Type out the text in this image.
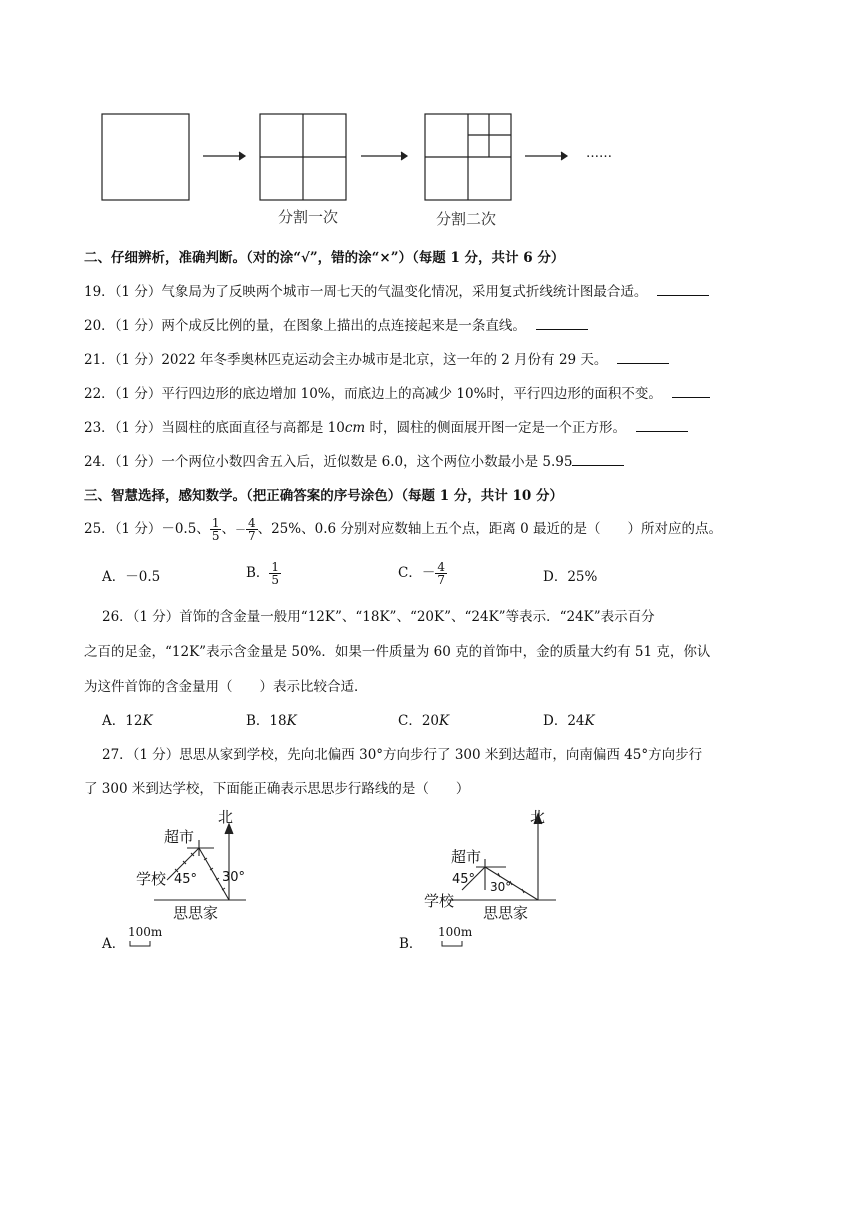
……
分割一次	分割二次
二、仔细辨析，准确判断。（对的涂“√”，错的涂“×”）（每题 1 分，共计 6 分）
19．（1 分）气象局为了反映两个城市一周七天的气温变化情况，采用复式折线统计图最合适。
20．（1 分）两个成反比例的量，在图象上描出的点连接起来是一条直线。
21．（1 分）2022 年冬季奥林匹克运动会主办城市是北京，这一年的 2 月份有 29 天。
22．（1 分）平行四边形的底边增加 10%，而底边上的高减少 10%时，平行四边形的面积不变。
23．（1 分）当圆柱的底面直径与高都是 10cm 时，圆柱的侧面展开图一定是一个正方形。
24．（1 分）一个两位小数四舍五入后，近似数是 6.0，这个两位小数最小是 5.95
三、智慧选择，感知数学。（把正确答案的序号涂色）（每题 1 分，共计 10 分）
25．（1 分）－0.5、 $\frac{1}{5}$ 、－ $\frac{4}{7}$ 、25%、0.6 分别对应数轴上五个点，距离 0 最近的是（　　）所对应的点。
A．－0.5	B． $\frac{1}{5}$	C．－ $\frac{4}{7}$	D．25%
26．（1 分）首饰的含金量一般用“12K”、“18K”、“20K”、“24K”等表示．“24K”表示百分
之百的足金，“12K”表示含金量是 50%．如果一件质量为 60 克的首饰中，金的质量大约有 51 克，你认
为这件首饰的含金量用（　　）表示比较合适．
A．12K	B．18K	C．20K	D．24K
27．（1 分）思思从家到学校，先向北偏西 30°方向步行了 300 米到达超市，向南偏西 45°方向步行
了 300 米到达学校，下面能正确表示思思步行路线的是（　　）
北
超市
学校 45° 30°
思思家
A．
100m
北
超市
45° 30°
学校
思思家
B．
100m
